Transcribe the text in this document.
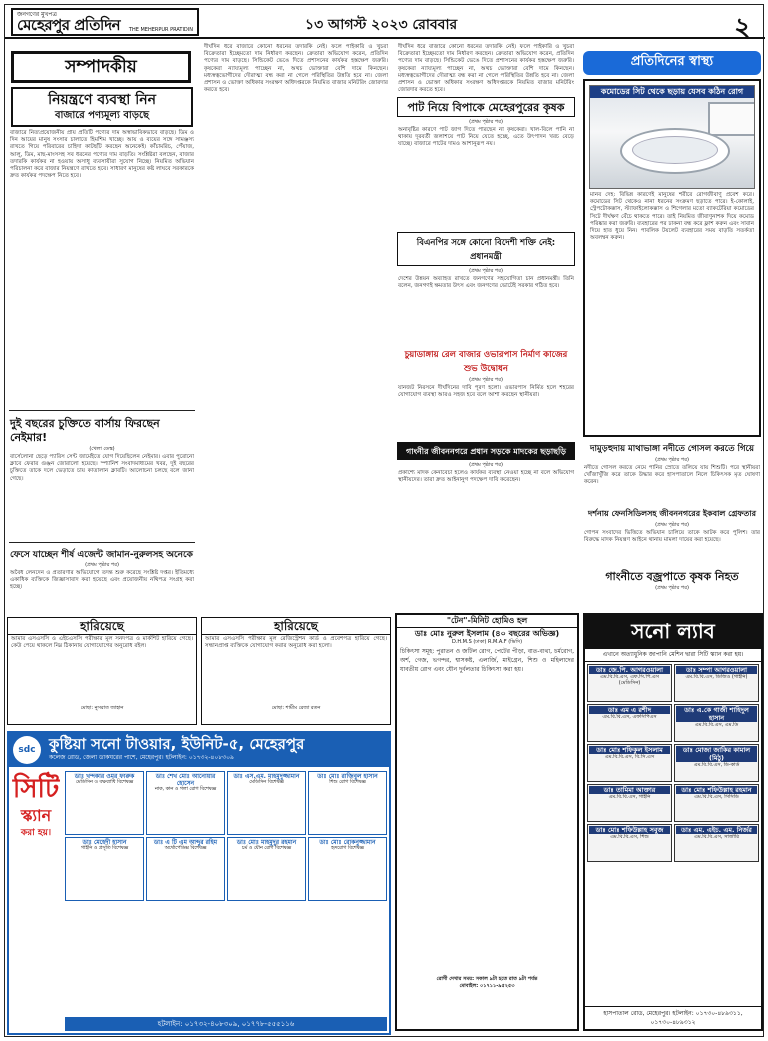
জনগণের মুখপত্র
মেহেরপুর প্রতিদিন	THE MEHERPUR PRATIDIN	১৩ আগস্ট ২০২৩ রোববার	২
সম্পাদকীয়
নিয়ন্ত্রণে ব্যবস্থা নিন
বাজারে পণ্যমূল্য বাড়ছে
বাজারে নিত্যপ্রয়োজনীয় প্রায় প্রতিটি পণ্যের দাম অস্বাভাবিকভাবে বাড়ছে। ডিম ও দিন আয়ের মানুষ সংসার চালাতে হিমশিম খাচ্ছে। আয় ও ব্যয়ের সঙ্গে সামঞ্জস্য রাখতে গিয়ে পরিবারের চাহিদা কাটছাঁট করছেন অনেকেই। কাঁচামরিচ, পেঁয়াজ, আলু, ডিম, মাছ-মাংসসহ সব ধরনের পণ্যের দাম বাড়তি। সংশ্লিষ্টরা বলছেন, বাজার তদারকি কার্যকর না হওয়ায় অসাধু ব্যবসায়ীরা সুযোগ নিচ্ছে। নিয়মিত অভিযান পরিচালনা করে বাজার নিয়ন্ত্রণে রাখতে হবে। সাধারণ মানুষের কষ্ট লাঘবে সরকারকে দ্রুত কার্যকর পদক্ষেপ নিতে হবে।
দুই বছরের চুক্তিতে বার্সায় ফিরছেন নেইমার!
(খেলা ডেস্ক)
বার্সেলোনা ছেড়ে প্যারিস সেন্ট জার্মেইতে যোগ দিয়েছিলেন নেইমার। এবার পুরোনো ক্লাবে ফেরার গুঞ্জন জোরালো হয়েছে। স্প্যানিশ সংবাদমাধ্যমের খবর, দুই বছরের চুক্তিতে তাকে দলে ভেড়াতে চায় কাতালান ক্লাবটি। আলোচনা চলছে বলে জানা গেছে।
ফেসে যাচ্ছেন শীর্ষ এজেন্ট জামান-নুরুলসহ অনেকে
(প্রথম পৃষ্ঠার পর)
অবৈধ লেনদেন ও প্রতারণার অভিযোগে তদন্ত শুরু করেছে সংশ্লিষ্ট দপ্তর। ইতিমধ্যে একাধিক ব্যক্তিকে জিজ্ঞাসাবাদ করা হয়েছে এবং প্রয়োজনীয় নথিপত্র সংগ্রহ করা হচ্ছে।
দীর্ঘদিন ধরে বাজারে কোনো ধরনের তদারকি নেই। ফলে পাইকারি ও খুচরা বিক্রেতারা ইচ্ছেমতো দাম নির্ধারণ করছেন। ক্রেতারা অভিযোগ করেন, প্রতিদিন পণ্যের দাম বাড়ছে। সিন্ডিকেট ভেঙে দিতে প্রশাসনের কার্যকর হস্তক্ষেপ জরুরি। কৃষকেরা ন্যায্যমূল্য পাচ্ছেন না, অথচ ভোক্তারা বেশি দামে কিনছেন। মধ্যস্বত্বভোগীদের দৌরাত্ম্য বন্ধ করা না গেলে পরিস্থিতির উন্নতি হবে না। জেলা প্রশাসন ও ভোক্তা অধিকার সংরক্ষণ অধিদপ্তরকে নিয়মিত বাজার মনিটরিং জোরদার করতে হবে।
দীর্ঘদিন ধরে বাজারে কোনো ধরনের তদারকি নেই। ফলে পাইকারি ও খুচরা বিক্রেতারা ইচ্ছেমতো দাম নির্ধারণ করছেন। ক্রেতারা অভিযোগ করেন, প্রতিদিন পণ্যের দাম বাড়ছে। সিন্ডিকেট ভেঙে দিতে প্রশাসনের কার্যকর হস্তক্ষেপ জরুরি। কৃষকেরা ন্যায্যমূল্য পাচ্ছেন না, অথচ ভোক্তারা বেশি দামে কিনছেন। মধ্যস্বত্বভোগীদের দৌরাত্ম্য বন্ধ করা না গেলে পরিস্থিতির উন্নতি হবে না। জেলা প্রশাসন ও ভোক্তা অধিকার সংরক্ষণ অধিদপ্তরকে নিয়মিত বাজার মনিটরিং জোরদার করতে হবে।
পাট নিয়ে বিপাকে মেহেরপুরের কৃষক
(প্রথম পৃষ্ঠার পর)
অনাবৃষ্টির কারণে পাট জাগ দিতে পারছেন না কৃষকেরা। খাল-বিলে পানি না থাকায় দূরবর্তী জলাশয়ে পাট নিয়ে যেতে হচ্ছে, এতে উৎপাদন খরচ বেড়ে যাচ্ছে। বাজারে পাটের দামও আশানুরূপ নয়।
বিএনপির সঙ্গে কোনো বিদেশী শক্তি নেই: প্রধানমন্ত্রী
(প্রথম পৃষ্ঠার পর)
দেশের উন্নয়ন অব্যাহত রাখতে জনগণের সহযোগিতা চান প্রধানমন্ত্রী। তিনি বলেন, জনগণই ক্ষমতার উৎস এবং জনগণের ভোটেই সরকার গঠিত হবে।
চুয়াডাঙ্গায় রেল বাজার ওভারপাস নির্মাণ কাজের শুভ উদ্বোধন
(প্রথম পৃষ্ঠার পর)
যানজট নিরসনে দীর্ঘদিনের দাবি পূরণ হলো। ওভারপাস নির্মিত হলে শহরের যোগাযোগ ব্যবস্থা আরও সহজ হবে বলে আশা করছেন স্থানীয়রা।
গাংনীর জীবননগরে প্রধান সড়কে মাদকের ছড়াছড়ি
(প্রথম পৃষ্ঠার পর)
প্রকাশ্যে মাদক কেনাবেচা হলেও কার্যকর ব্যবস্থা নেওয়া হচ্ছে না বলে অভিযোগ স্থানীয়দের। তারা দ্রুত আইনানুগ পদক্ষেপ দাবি করেছেন।
প্রতিদিনের স্বাস্থ্য
কমোডের সিট থেকে ছড়ায় যেসব কঠিন রোগ
মানব দেহ: বিভিন্ন কারণেই মানুষের শরীরে রোগজীবাণু প্রবেশ করে। কমোডের সিট থেকেও নানা ধরনের সংক্রমণ ছড়াতে পারে। ই-কোলাই, স্ট্রেপটোকক্কাস, স্ট্যাফাইলোকক্কাস ও শিগেলার মতো ব্যাকটেরিয়া কমোডের সিটে দীর্ঘক্ষণ বেঁচে থাকতে পারে। তাই নিয়মিত জীবাণুনাশক দিয়ে কমোড পরিষ্কার করা জরুরি। ব্যবহারের পর ঢাকনা বন্ধ করে ফ্লাশ করুন এবং সাবান দিয়ে হাত ধুয়ে নিন। পাবলিক টয়লেট ব্যবহারের সময় বাড়তি সতর্কতা অবলম্বন করুন।
দামুড়হুদায় মাথাভাঙ্গা নদীতে গোসল করতে গিয়ে
(প্রথম পৃষ্ঠার পর)
নদীতে গোসল করতে নেমে পানির স্রোতে তলিয়ে যায় শিশুটি। পরে স্থানীয়রা খোঁজাখুঁজি করে তাকে উদ্ধার করে হাসপাতালে নিলে চিকিৎসক মৃত ঘোষণা করেন।
দর্শনায় ফেনসিডিলসহ জীবননগরের ইকবাল গ্রেফতার
(প্রথম পৃষ্ঠার পর)
গোপন সংবাদের ভিত্তিতে অভিযান চালিয়ে তাকে আটক করে পুলিশ। তার বিরুদ্ধে মাদক নিয়ন্ত্রণ আইনে থানায় মামলা দায়ের করা হয়েছে।
গাংনীতে বজ্রপাতে কৃষক নিহত
(প্রথম পৃষ্ঠার পর)
হারিয়েছে
আমার এসএসসি ও এইচএসসি পরীক্ষার মূল সনদপত্র ও মার্কশিট হারিয়ে গেছে। কেউ পেয়ে থাকলে নিম্ন ঠিকানায় যোগাযোগের অনুরোধ রইল।
মোছা: নুসরাত জাহান
হারিয়েছে
আমার এসএসসি পরীক্ষার মূল রেজিস্ট্রেশন কার্ড ও প্রবেশপত্র হারিয়ে গেছে। সন্ধানপ্রাপ্ত ব্যক্তিকে যোগাযোগ করার অনুরোধ করা হলো।
মোছা: শামীম রেজা রতন
sdc কুষ্টিয়া সনো টাওয়ার, ইউনিট-৫, মেহেরপুর
কলেজ রোড, জেলা ডাকঘরের পাশে, মেহেরপুর। হটলাইন: ০১৭৩২-৪০৮৩০৯
সিটি
স্ক্যান
করা হয়।
ডাঃ খন্দকার ওমর ফারুক
মেডিসিন ও বক্ষব্যাধি বিশেষজ্ঞ
ডাঃ শেখ মোঃ আনোয়ার হোসেন
নাক, কান ও গলা রোগ বিশেষজ্ঞ
ডাঃ এস.এম. মাহমুদুজ্জামান
মেডিসিন বিশেষজ্ঞ
ডাঃ মোঃ রাজিবুল হাসান
শিশু রোগ বিশেষজ্ঞ
ডাঃ মেহেদী হাসান
গাইনি ও প্রসূতি বিশেষজ্ঞ
ডাঃ এ টি এম আব্দুর রহিম
অর্থোপেডিক্স বিশেষজ্ঞ
ডাঃ মোঃ মাহমুদুর রহমান
চর্ম ও যৌন রোগ বিশেষজ্ঞ
ডাঃ মোঃ রোকনুজ্জামান
হৃদরোগ বিশেষজ্ঞ
হটলাইন: ০১৭৩২-৪০৮৩০৯, ০১৭৭৮-৫৫৫১১৬
"টেন"-মিনিট হোমিও হল
ডাঃ মোঃ নুরুল ইসলাম (৪০ বছরের অভিজ্ঞ)
D.H.M.S (ঢাকা) R.M.A.F (ভিসি)
চিকিৎসা সমূহ: পুরাতন ও জটিল রোগ, পেটের পীড়া, বাত-ব্যথা, চর্মরোগ, অর্শ, গেজ, ভগন্দর, শ্বাসকষ্ট, এলার্জি, মাইগ্রেন, শিশু ও মহিলাদের যাবতীয় রোগ এবং যৌন দুর্বলতার চিকিৎসা করা হয়।
রোগী দেখার সময়: সকাল ৯টা হতে রাত ৯টা পর্যন্ত
মোবাইল: ০১৭১১-৯৫২৫৩
সনো ল্যাব
এখানে অত্যাধুনিক জাপানি মেশিন দ্বারা সিটি স্ক্যান করা হয়।
ডাঃ জে.পি. আগরওয়ালা
এম.বি.বি.এস, এফ.সি.পি.এস (মেডিসিন)
ডাঃ সম্পা আগরওয়ালা
এম.বি.বি.এস, ডিজিও (গাইনি)
ডাঃ এম এ রশীদ
এম.বি.বি.এস, এফসিপিএস
ডাঃ এ.কে গাজী শাহিদুল হাসান
এম.বি.বি.এস, এম.ডি
ডাঃ মোঃ শফিকুল ইসলাম
এম.বি.বি.এস, বি.সি.এস
ডাঃ মোজা জাকির কামাল (মিঠু)
এম.বি.বি.এস, ডি-কার্ড
ডাঃ তামিমা আক্তার
এম.বি.বি.এস, গাইনি
ডাঃ মোঃ শফিউল্লাহ রহমান
এম.বি.বি.এস, সিসিডি
ডাঃ মোঃ শফিউল্লাহ সবুজ
এম.বি.বি.এস, শিশু
ডাঃ এম. এইচ. এম. নির্জর
এম.বি.বি.এস, সার্জারি
হাসপাতাল রোড, মেহেরপুর। হটলাইন: ০১৭৩০-৪৮৯৩১১, ০১৭৩০-৪৮৯৩১২
